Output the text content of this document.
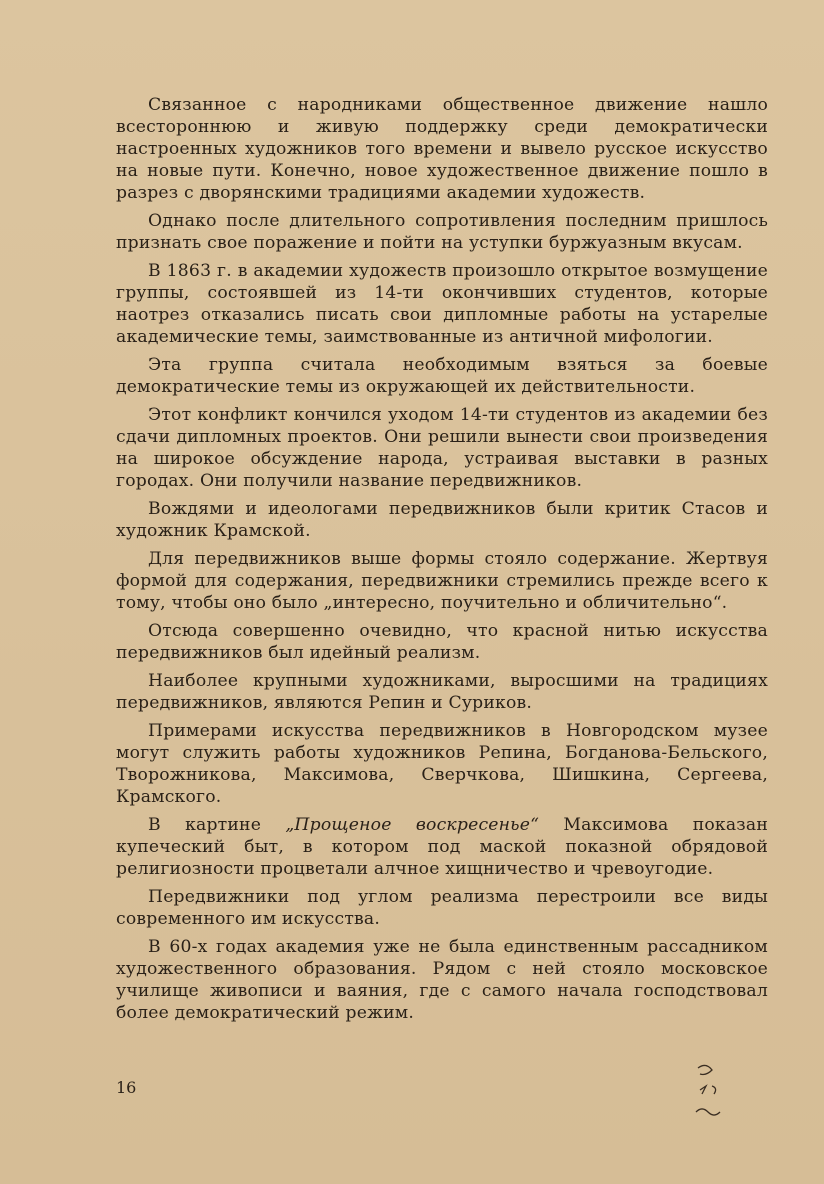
Связанное с народниками общественное движение нашло всестороннюю и живую поддержку среди демократически настроенных художников того времени и вывело русское искусство на новые пути. Конечно, новое художественное движение пошло в разрез с дворянскими традициями академии художеств.

Однако после длительного сопротивления последним пришлось признать свое поражение и пойти на уступки буржуазным вкусам.

В 1863 г. в академии художеств произошло открытое возмущение группы, состоявшей из 14-ти окончивших студентов, которые наотрез отказались писать свои дипломные работы на устарелые академические темы, заимствованные из античной мифологии.

Эта группа считала необходимым взяться за боевые демократические темы из окружающей их действительности.

Этот конфликт кончился уходом 14-ти студентов из академии без сдачи дипломных проектов. Они решили вынести свои произведения на широкое обсуждение народа, устраивая выставки в разных городах. Они получили название передвижников.

Вождями и идеологами передвижников были критик Стасов и художник Крамской.

Для передвижников выше формы стояло содержание. Жертвуя формой для содержания, передвижники стремились прежде всего к тому, чтобы оно было „интересно, поучительно и обличительно“.

Отсюда совершенно очевидно, что красной нитью искусства передвижников был идейный реализм.

Наиболее крупными художниками, выросшими на традициях передвижников, являются Репин и Суриков.

Примерами искусства передвижников в Новгородском музее могут служить работы художников Репина, Богданова-Бельского, Творожникова, Максимова, Сверчкова, Шишкина, Сергеева, Крамского.

В картине „Прощеное воскресенье“ Максимова показан купеческий быт, в котором под маской показной обрядовой религиозности процветали алчное хищничество и чревоугодие.

Передвижники под углом реализма перестроили все виды современного им искусства.

В 60-х годах академия уже не была единственным рассадником художественного образования. Рядом с ней стояло московское училище живописи и ваяния, где с самого начала господствовал более демократический режим.

16
